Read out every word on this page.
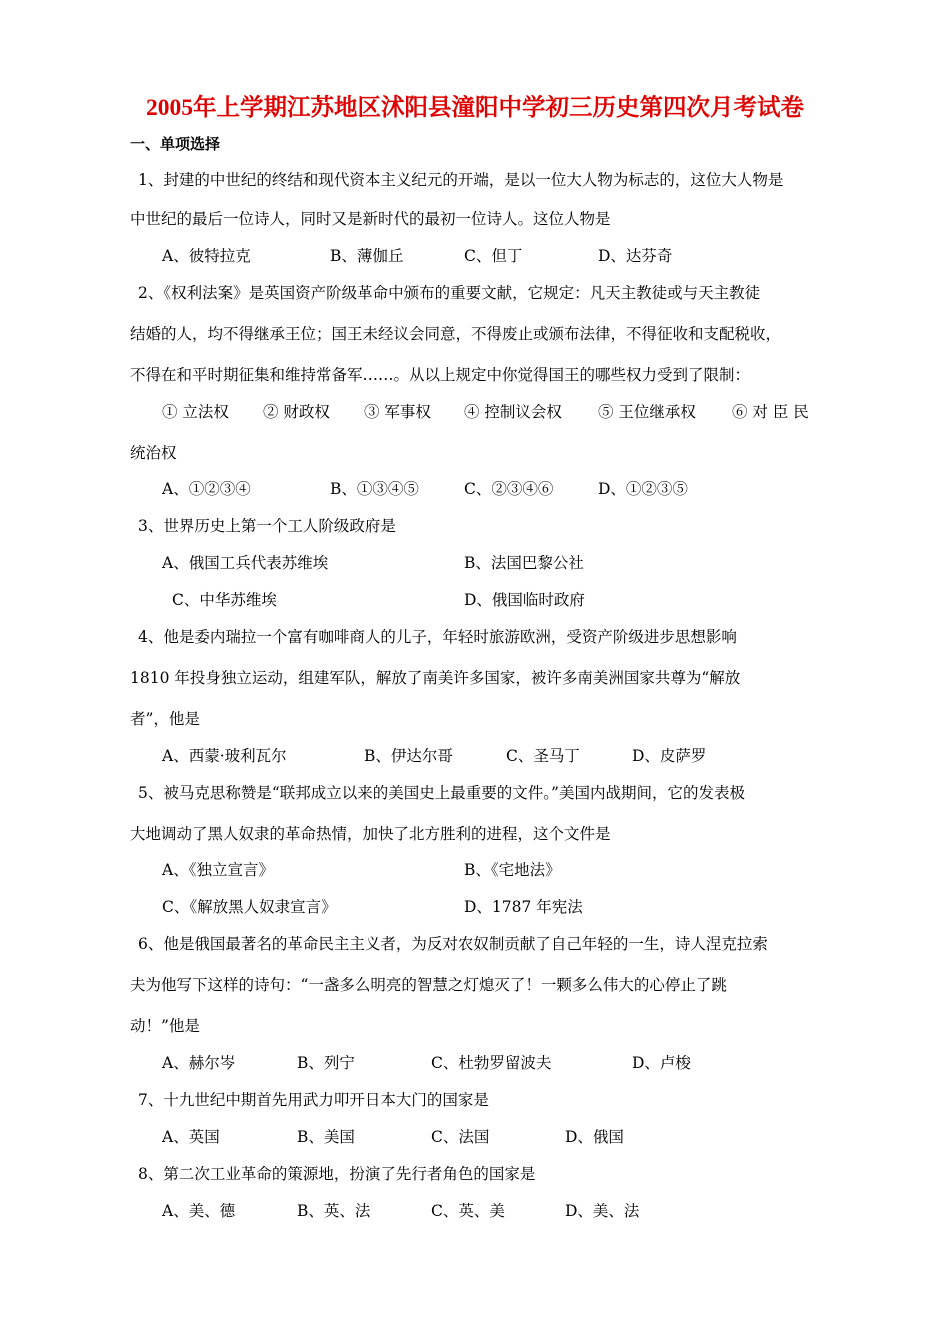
2005年上学期江苏地区沭阳县潼阳中学初三历史第四次月考试卷
一、单项选择
1、封建的中世纪的终结和现代资本主义纪元的开端，是以一位大人物为标志的，这位大人物是
中世纪的最后一位诗人，同时又是新时代的最初一位诗人。这位人物是
A、彼特拉克	B、薄伽丘	C、但丁	D、达芬奇
2、《权利法案》是英国资产阶级革命中颁布的重要文献，它规定：凡天主教徒或与天主教徒
结婚的人，均不得继承王位；国王未经议会同意，不得废止或颁布法律，不得征收和支配税收，
不得在和平时期征集和维持常备军……。从以上规定中你觉得国王的哪些权力受到了限制：
① 立法权 ② 财政权 ③ 军事权 ④ 控制议会权 ⑤ 王位继承权 ⑥ 对 臣 民
统治权
A、①②③④	B、①③④⑤	C、②③④⑥	D、①②③⑤
3、世界历史上第一个工人阶级政府是
A、俄国工兵代表苏维埃	B、法国巴黎公社
C、中华苏维埃	D、俄国临时政府
4、他是委内瑞拉一个富有咖啡商人的儿子，年轻时旅游欧洲，受资产阶级进步思想影响
1810 年投身独立运动，组建军队，解放了南美许多国家，被许多南美洲国家共尊为“解放
者”，他是
A、西蒙·玻利瓦尔	B、伊达尔哥	C、圣马丁	D、皮萨罗
5、被马克思称赞是“联邦成立以来的美国史上最重要的文件。”美国内战期间，它的发表极
大地调动了黑人奴隶的革命热情，加快了北方胜利的进程，这个文件是
A、《独立宣言》	B、《宅地法》
C、《解放黑人奴隶宣言》	D、1787 年宪法
6、他是俄国最著名的革命民主主义者，为反对农奴制贡献了自己年轻的一生，诗人涅克拉索
夫为他写下这样的诗句：“一盏多么明亮的智慧之灯熄灭了！一颗多么伟大的心停止了跳
动！”他是
A、赫尔岑	B、列宁	C、杜勃罗留波夫	D、卢梭
7、十九世纪中期首先用武力叩开日本大门的国家是
A、英国	B、美国	C、法国	D、俄国
8、第二次工业革命的策源地，扮演了先行者角色的国家是
A、美、德	B、英、法	C、英、美	D、美、法
